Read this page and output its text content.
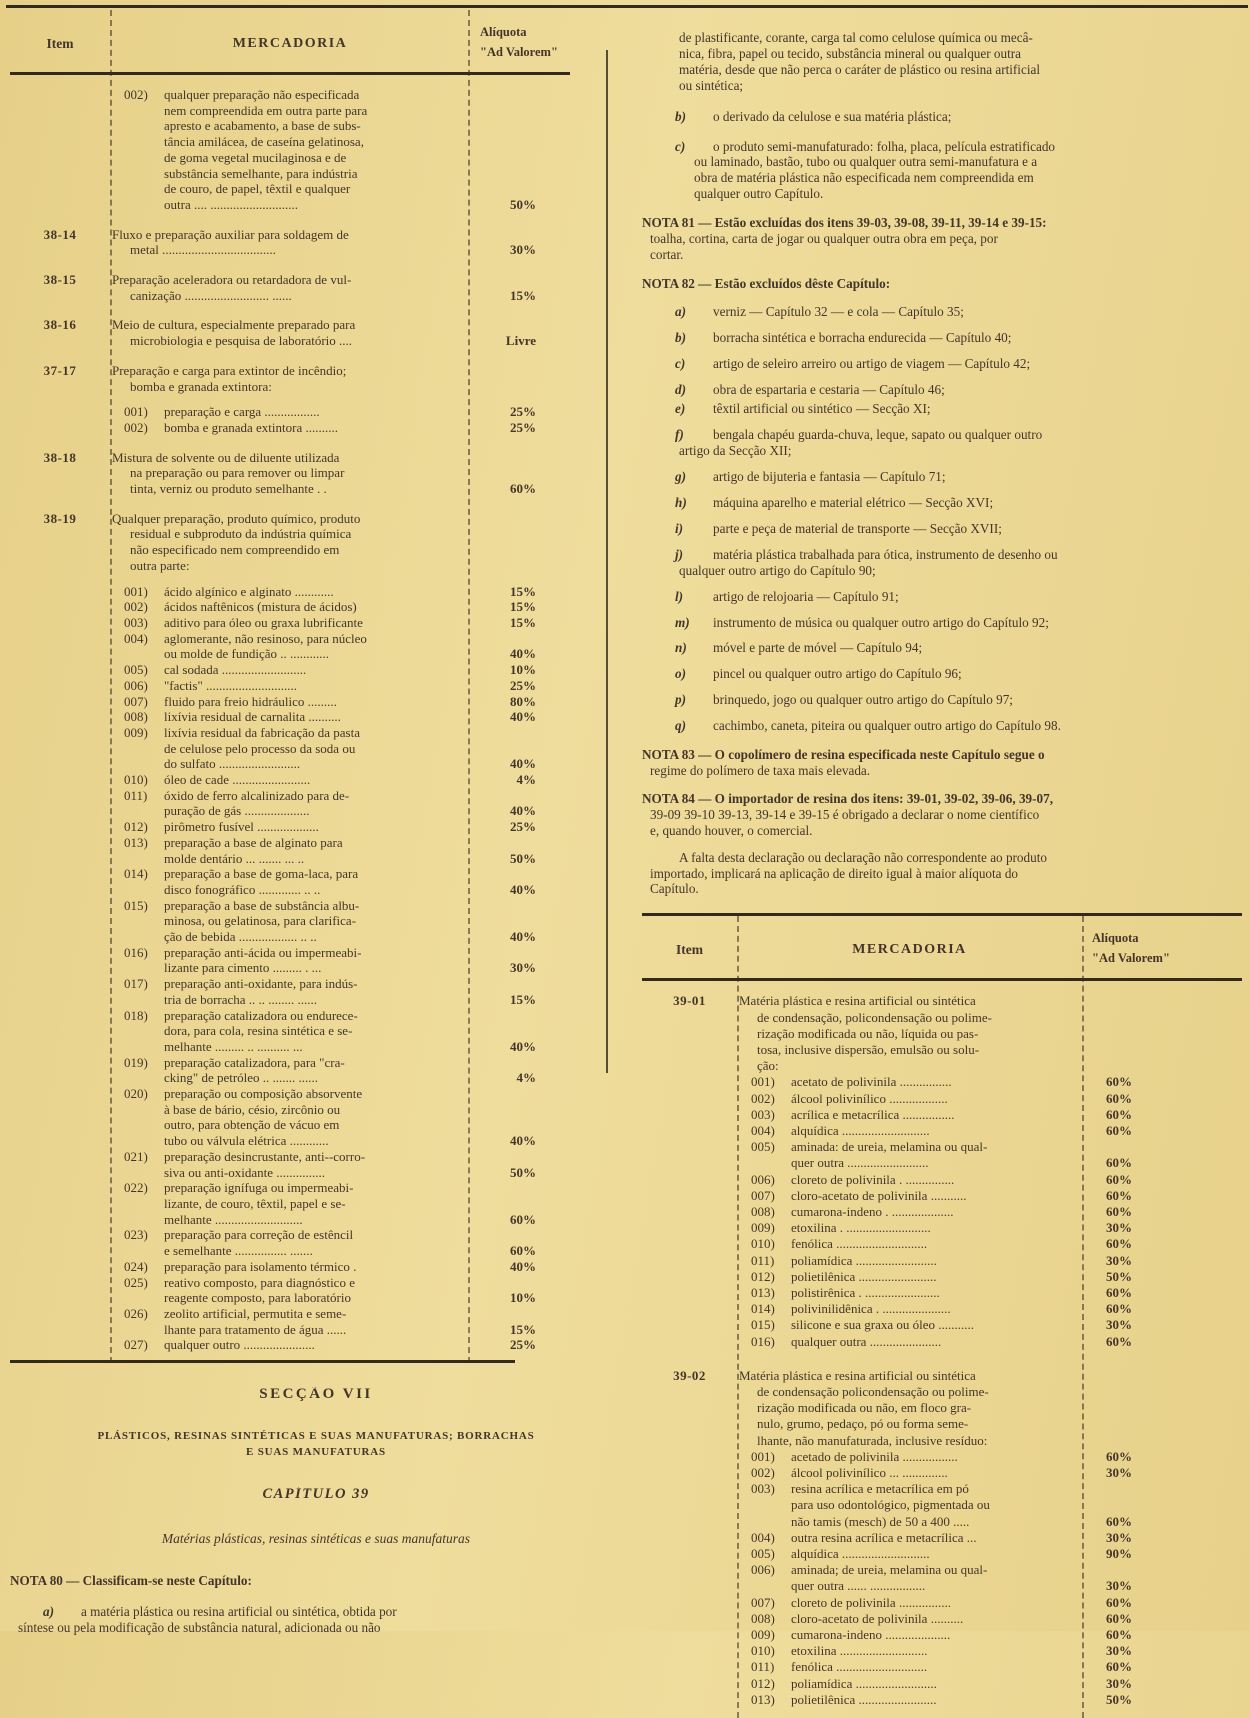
Item	MERCADORIA
Alíquota
"Ad Valorem"
002) qualquer preparação não especificada
nem compreendida em outra parte para
apresto e acabamento, a base de subs-
tância amilácea, de caseína gelatinosa,
de goma vegetal mucilaginosa e de
substância semelhante, para indústria
de couro, de papel, têxtil e qualquer
outra .... ...........................	50%
38-14	Fluxo e preparação auxiliar para soldagem de
metal ...................................	30%
38-15	Preparação aceleradora ou retardadora de vul-
canização .......................... ......	15%
38-16	Meio de cultura, especialmente preparado para
microbiologia e pesquisa de laboratório ....	Livre
37-17	Preparação e carga para extintor de incêndio;
bomba e granada extintora:
001) preparação e carga .................	25%
002) bomba e granada extintora ..........	25%
38-18	Mistura de solvente ou de diluente utilizada
na preparação ou para remover ou limpar
tinta, verniz ou produto semelhante . .	60%
38-19	Qualquer preparação, produto químico, produto
residual e subproduto da indústria química
não especificado nem compreendido em
outra parte:
001) ácido algínico e alginato ............	15%
002) ácidos naftênicos (mistura de ácidos)	15%
003) aditivo para óleo ou graxa lubrificante	15%
004) aglomerante, não resinoso, para núcleo
ou molde de fundição .. ............	40%
005) cal sodada ..........................	10%
006) "factis" ............................	25%
007) fluido para freio hidráulico .........	80%
008) lixívia residual de carnalita ..........	40%
009) lixívia residual da fabricação da pasta
de celulose pelo processo da soda ou
do sulfato .........................	40%
010) óleo de cade ........................	4%
011) óxido de ferro alcalinizado para de-
puração de gás ....................	40%
012) pirômetro fusível ...................	25%
013) preparação a base de alginato para
molde dentário ... ....... ... ..	50%
014) preparação a base de goma-laca, para
disco fonográfico ............. .. ..	40%
015) preparação a base de substância albu-
minosa, ou gelatinosa, para clarifica-
ção de bebida .................. .. ..	40%
016) preparação anti-ácida ou impermeabi-
lizante para cimento ......... . ...	30%
017) preparação anti-oxidante, para indús-
tria de borracha .. .. ........ ......	15%
018) preparação catalizadora ou endurece-
dora, para cola, resina sintética e se-
melhante ......... .. .......... ...	40%
019) preparação catalizadora, para "cra-
cking" de petróleo .. ....... ......	4%
020) preparação ou composição absorvente
à base de bário, césio, zircônio ou
outro, para obtenção de vácuo em
tubo ou válvula elétrica ............	40%
021) preparação desincrustante, anti--corro-
siva ou anti-oxidante ...............	50%
022) preparação ignífuga ou impermeabi-
lizante, de couro, têxtil, papel e se-
melhante ...........................	60%
023) preparação para correção de estêncil
e semelhante ................ .......	60%
024) preparação para isolamento térmico .	40%
025) reativo composto, para diagnóstico e
reagente composto, para laboratório	10%
026) zeolito artificial, permutita e seme-
lhante para tratamento de água ......	15%
027) qualquer outro ......................	25%
SECÇÃO VII
PLÁSTICOS, RESINAS SINTÉTICAS E SUAS MANUFATURAS; BORRACHAS
E SUAS MANUFATURAS
CAPÍTULO 39
Matérias plásticas, resinas sintéticas e suas manufaturas
NOTA 80 — Classificam-se neste Capítulo:
a) a matéria plástica ou resina artificial ou sintética, obtida por
síntese ou pela modificação de substância natural, adicionada ou não
de plastificante, corante, carga tal como celulose química ou mecâ-
nica, fibra, papel ou tecido, substância mineral ou qualquer outra
matéria, desde que não perca o caráter de plástico ou resina artificial
ou sintética;
b) o derivado da celulose e sua matéria plástica;
c) o produto semi-manufaturado: folha, placa, película estratificado
ou laminado, bastão, tubo ou qualquer outra semi-manufatura e a
obra de matéria plástica não especificada nem compreendida em
qualquer outro Capítulo.
NOTA 81 — Estão excluídas dos itens 39-03, 39-08, 39-11, 39-14 e 39-15:
toalha, cortina, carta de jogar ou qualquer outra obra em peça, por
cortar.
NOTA 82 — Estão excluídos dêste Capítulo:
a) verniz — Capítulo 32 — e cola — Capítulo 35;
b) borracha sintética e borracha endurecida — Capítulo 40;
c) artigo de seleiro arreiro ou artigo de viagem — Capítulo 42;
d) obra de espartaria e cestaria — Capítulo 46;
e) têxtil artificial ou sintético — Secção XI;
f) bengala chapéu guarda-chuva, leque, sapato ou qualquer outro
artigo da Secção XII;
g) artigo de bijuteria e fantasia — Capítulo 71;
h) máquina aparelho e material elétrico — Secção XVI;
i) parte e peça de material de transporte — Secção XVII;
j) matéria plástica trabalhada para ótica, instrumento de desenho ou
qualquer outro artigo do Capítulo 90;
l) artigo de relojoaria — Capítulo 91;
m) instrumento de música ou qualquer outro artigo do Capítulo 92;
n) móvel e parte de móvel — Capítulo 94;
o) pincel ou qualquer outro artigo do Capítulo 96;
p) brinquedo, jogo ou qualquer outro artigo do Capítulo 97;
q) cachimbo, caneta, piteira ou qualquer outro artigo do Capítulo 98.
NOTA 83 — O copolímero de resina especificada neste Capítulo segue o
regime do polímero de taxa mais elevada.
NOTA 84 — O importador de resina dos itens: 39-01, 39-02, 39-06, 39-07,
39-09 39-10 39-13, 39-14 e 39-15 é obrigado a declarar o nome científico
e, quando houver, o comercial.
A falta desta declaração ou declaração não correspondente ao produto
importado, implicará na aplicação de direito igual à maior alíquota do
Capítulo.
Item	MERCADORIA
Alíquota
"Ad Valorem"
39-01	Matéria plástica e resina artificial ou sintética
de condensação, policondensação ou polime-
rização modificada ou não, líquida ou pas-
tosa, inclusive dispersão, emulsão ou solu-
ção:
001) acetato de polivinila ................	60%
002) álcool polivinílico ..................	60%
003) acrílica e metacrílica ................	60%
004) alquídica ...........................	60%
005) aminada: de ureia, melamina ou qual-
quer outra .........................	60%
006) cloreto de polivinila . ...............	60%
007) cloro-acetato de polivinila ...........	60%
008) cumarona-indeno . ...................	60%
009) etoxilina . ..........................	30%
010) fenólica ............................	60%
011) poliamídica .........................	30%
012) polietilênica ........................	50%
013) polistirênica . .......................	60%
014) polivinilidênica . .....................	60%
015) silicone e sua graxa ou óleo ...........	30%
016) qualquer outra ......................	60%
39-02	Matéria plástica e resina artificial ou sintética
de condensação policondensação ou polime-
rização modificada ou não, em floco gra-
nulo, grumo, pedaço, pó ou forma seme-
lhante, não manufaturada, inclusive resíduo:
001) acetado de polivinila .................	60%
002) álcool polivinílico ... ..............	30%
003) resina acrílica e metacrílica em pó
para uso odontológico, pigmentada ou
não tamis (mesch) de 50 a 400 .....	60%
004) outra resina acrílica e metacrílica ...	30%
005) alquídica ...........................	90%
006) aminada; de ureia, melamina ou qual-
quer outra ...... .................	30%
007) cloreto de polivinila ................	60%
008) cloro-acetato de polivinila ..........	60%
009) cumarona-indeno ....................	60%
010) etoxilina ...........................	30%
011) fenólica ............................	60%
012) poliamídica .........................	30%
013) polietilênica ........................	50%
